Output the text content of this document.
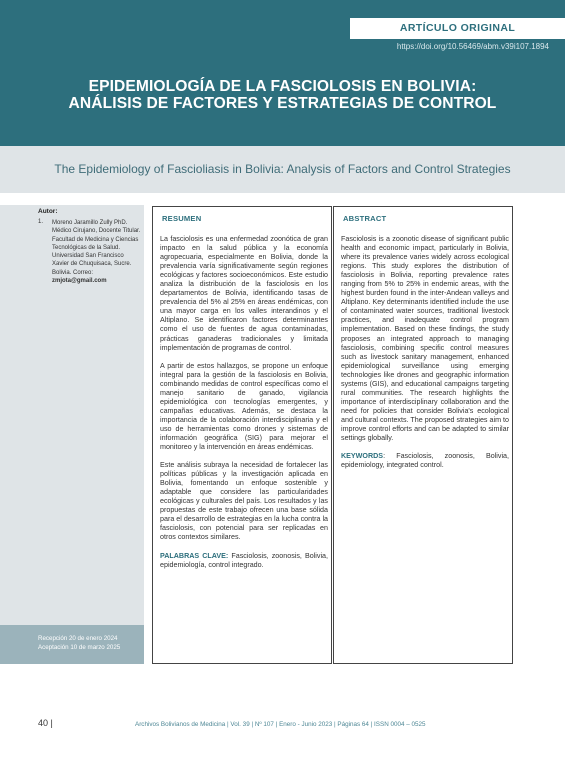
ARTÍCULO ORIGINAL
https://doi.org/10.56469/abm.v39i107.1894
EPIDEMIOLOGÍA DE LA FASCIOLOSIS EN BOLIVIA:
ANÁLISIS DE FACTORES Y ESTRATEGIAS DE CONTROL
The Epidemiology of Fascioliasis in Bolivia: Analysis of Factors and Control Strategies
Autor:
1. Moreno Jaramillo Zully PhD. Médico Cirujano, Docente Titular. Facultad de Medicina y Ciencias Tecnológicas de la Salud. Universidad San Francisco Xavier de Chuquisaca, Sucre. Bolivia. Correo: zmjota@gmail.com
Recepción 20 de enero 2024
Aceptación 10 de marzo 2025
RESUMEN

La fasciolosis es una enfermedad zoonótica de gran impacto en la salud pública y la economía agropecuaria, especialmente en Bolivia, donde la prevalencia varía significativamente según regiones ecológicas y factores socioeconómicos. Este estudio analiza la distribución de la fasciolosis en los departamentos de Bolivia, identificando tasas de prevalencia del 5% al 25% en áreas endémicas, con una mayor carga en los valles interandinos y el Altiplano. Se identificaron factores determinantes como el uso de fuentes de agua contaminadas, prácticas ganaderas tradicionales y limitada implementación de programas de control.

A partir de estos hallazgos, se propone un enfoque integral para la gestión de la fasciolosis en Bolivia, combinando medidas de control específicas como el manejo sanitario de ganado, vigilancia epidemiológica con tecnologías emergentes, y campañas educativas. Además, se destaca la importancia de la colaboración interdisciplinaria y el uso de herramientas como drones y sistemas de información geográfica (SIG) para mejorar el monitoreo y la intervención en áreas endémicas.

Este análisis subraya la necesidad de fortalecer las políticas públicas y la investigación aplicada en Bolivia, fomentando un enfoque sostenible y adaptable que considere las particularidades ecológicas y culturales del país. Los resultados y las propuestas de este trabajo ofrecen una base sólida para el desarrollo de estrategias en la lucha contra la fasciolosis, con potencial para ser replicadas en otros contextos similares.

PALABRAS CLAVE: Fasciolosis, zoonosis, Bolivia, epidemiología, control integrado.

ABSTRACT

Fasciolosis is a zoonotic disease of significant public health and economic impact, particularly in Bolivia, where its prevalence varies widely across ecological regions. This study explores the distribution of fasciolosis in Bolivia, reporting prevalence rates ranging from 5% to 25% in endemic areas, with the highest burden found in the inter-Andean valleys and Altiplano. Key determinants identified include the use of contaminated water sources, traditional livestock practices, and inadequate control program implementation. Based on these findings, the study proposes an integrated approach to managing fasciolosis, combining specific control measures such as livestock sanitary management, enhanced epidemiological surveillance using emerging technologies like drones and geographic information systems (GIS), and educational campaigns targeting rural communities. The research highlights the importance of interdisciplinary collaboration and the need for policies that consider Bolivia's ecological and cultural contexts. The proposed strategies aim to improve control efforts and can be adapted to similar settings globally.

KEYWORDS: Fasciolosis, zoonosis, Bolivia, epidemiology, integrated control.

40 |	Archivos Bolivianos de Medicina | Vol. 39 | Nº 107 | Enero - Junio 2023 | Páginas 64 | ISSN 0004 – 0525
